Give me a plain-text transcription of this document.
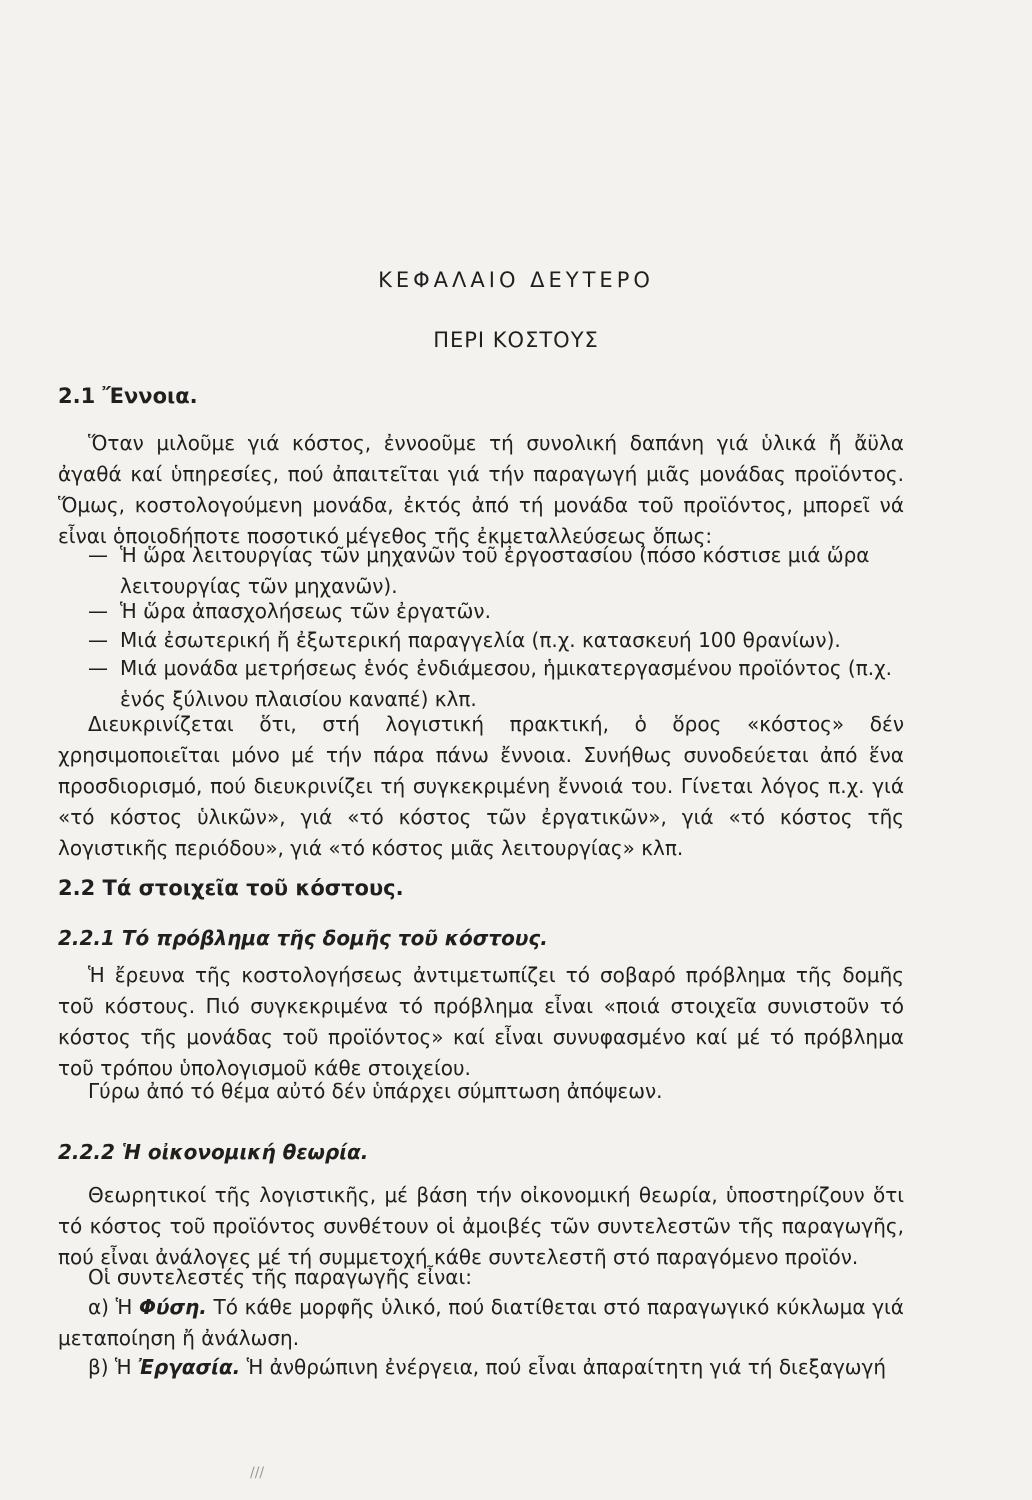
ΚΕΦΑΛΑΙΟ ΔΕΥΤΕΡΟ
ΠΕΡΙ ΚΟΣΤΟΥΣ
2.1 Ἔννοια.
Ὅταν μιλοῦμε γιά κόστος, ἐννοοῦμε τή συνολική δαπάνη γιά ὑλικά ἤ ἄϋλα ἀγαθά καί ὑπηρεσίες, πού ἀπαιτεῖται γιά τήν παραγωγή μιᾶς μονάδας προϊόντος. Ὅμως, κοστολογούμενη μονάδα, ἐκτός ἀπό τή μονάδα τοῦ προϊόντος, μπορεῖ νά εἶναι ὁποιοδήποτε ποσοτικό μέγεθος τῆς ἐκμεταλλεύσεως ὅπως:
— Ἡ ὥρα λειτουργίας τῶν μηχανῶν τοῦ ἐργοστασίου (πόσο κόστισε μιά ὥρα λειτουργίας τῶν μηχανῶν).
— Ἡ ὥρα ἀπασχολήσεως τῶν ἐργατῶν.
— Μιά ἐσωτερική ἤ ἐξωτερική παραγγελία (π.χ. κατασκευή 100 θρανίων).
— Μιά μονάδα μετρήσεως ἑνός ἐνδιάμεσου, ἡμικατεργασμένου προϊόντος (π.χ. ἑνός ξύλινου πλαισίου καναπέ) κλπ.
Διευκρινίζεται ὅτι, στή λογιστική πρακτική, ὁ ὅρος «κόστος» δέν χρησιμοποιεῖται μόνο μέ τήν πάρα πάνω ἔννοια. Συνήθως συνοδεύεται ἀπό ἕνα προσδιορισμό, πού διευκρινίζει τή συγκεκριμένη ἔννοιά του. Γίνεται λόγος π.χ. γιά «τό κόστος ὑλικῶν», γιά «τό κόστος τῶν ἐργατικῶν», γιά «τό κόστος τῆς λογιστικῆς περιόδου», γιά «τό κόστος μιᾶς λειτουργίας» κλπ.
2.2 Τά στοιχεῖα τοῦ κόστους.
2.2.1 Τό πρόβλημα τῆς δομῆς τοῦ κόστους.
Ἡ ἔρευνα τῆς κοστολογήσεως ἀντιμετωπίζει τό σοβαρό πρόβλημα τῆς δομῆς τοῦ κόστους. Πιό συγκεκριμένα τό πρόβλημα εἶναι «ποιά στοιχεῖα συνιστοῦν τό κόστος τῆς μονάδας τοῦ προϊόντος» καί εἶναι συνυφασμένο καί μέ τό πρόβλημα τοῦ τρόπου ὑπολογισμοῦ κάθε στοιχείου.
Γύρω ἀπό τό θέμα αὐτό δέν ὑπάρχει σύμπτωση ἀπόψεων.
2.2.2 Ἡ οἰκονομική θεωρία.
Θεωρητικοί τῆς λογιστικῆς, μέ βάση τήν οἰκονομική θεωρία, ὑποστηρίζουν ὅτι τό κόστος τοῦ προϊόντος συνθέτουν οἱ ἀμοιβές τῶν συντελεστῶν τῆς παραγωγῆς, πού εἶναι ἀνάλογες μέ τή συμμετοχή κάθε συντελεστῆ στό παραγόμενο προϊόν.
Οἱ συντελεστές τῆς παραγωγῆς εἶναι:
α) Ἡ Φύση. Τό κάθε μορφῆς ὑλικό, πού διατίθεται στό παραγωγικό κύκλωμα γιά μεταποίηση ἤ ἀνάλωση.
β) Ἡ Ἐργασία. Ἡ ἀνθρώπινη ἐνέργεια, πού εἶναι ἀπαραίτητη γιά τή διεξαγωγή
///
